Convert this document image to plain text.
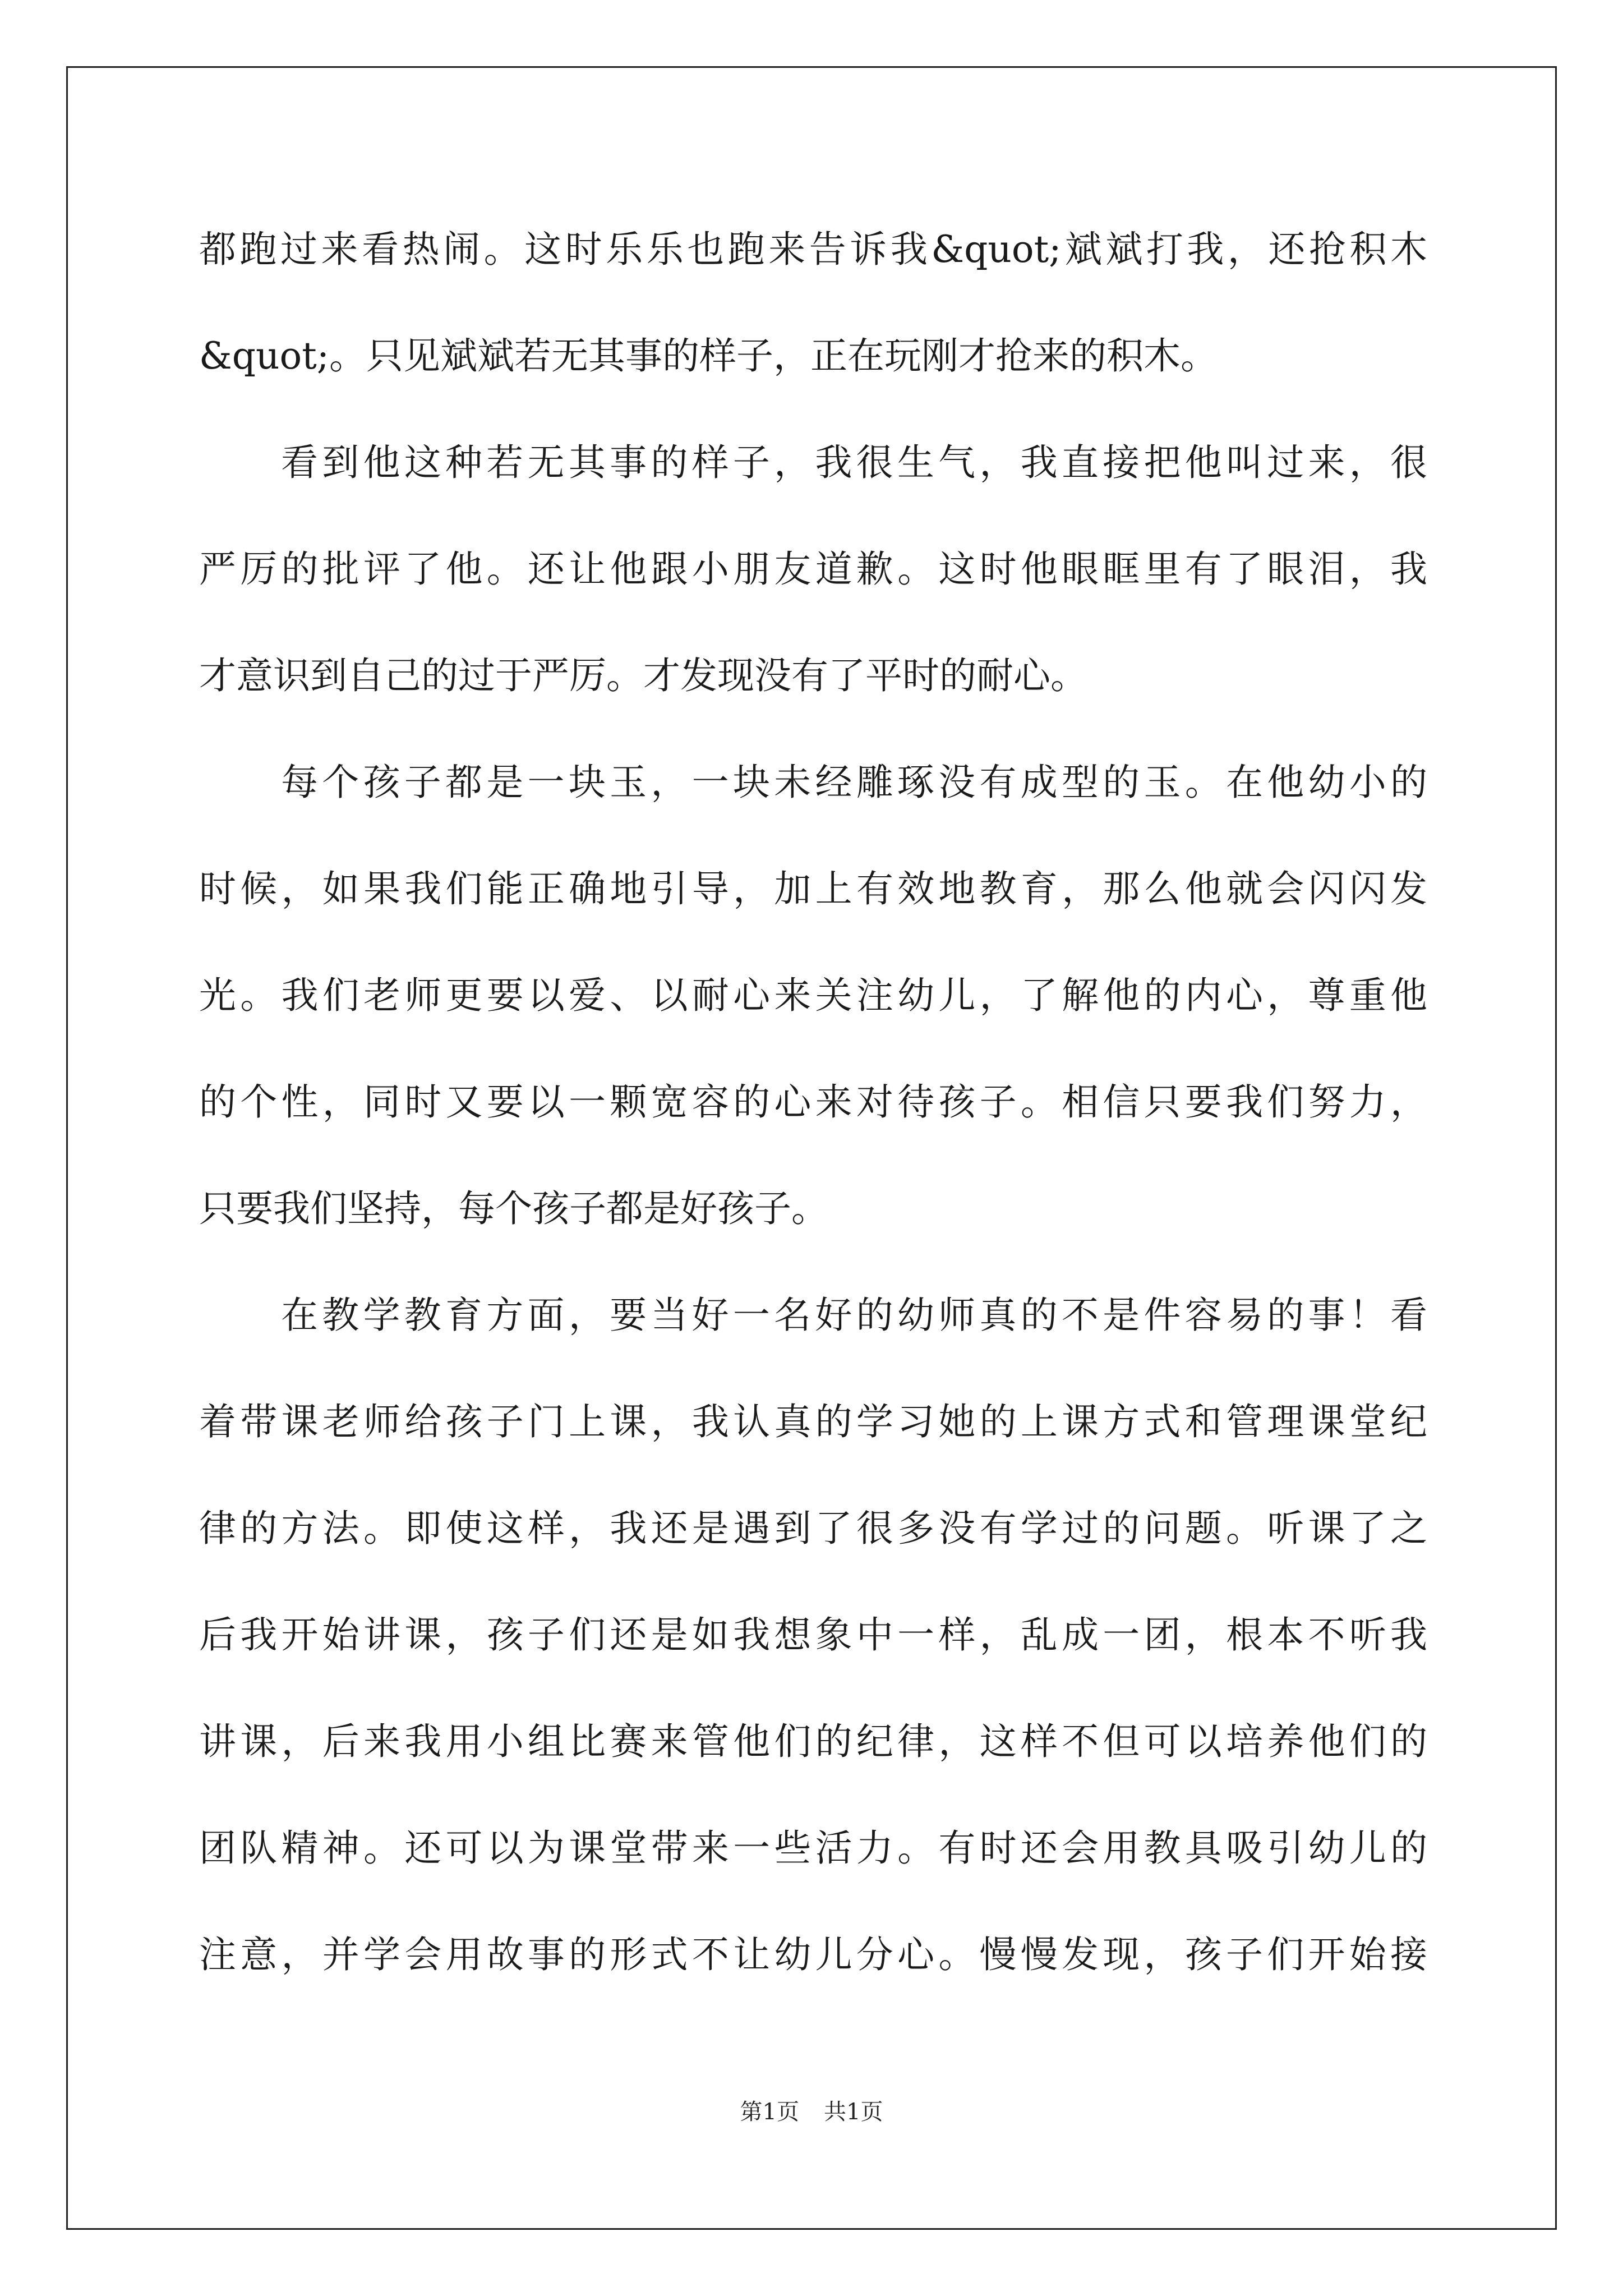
都跑过来看热闹。这时乐乐也跑来告诉我&quot;斌斌打我，还抢积木
&quot;。只见斌斌若无其事的样子，正在玩刚才抢来的积木。
看到他这种若无其事的样子，我很生气，我直接把他叫过来，很
严厉的批评了他。还让他跟小朋友道歉。这时他眼眶里有了眼泪，我
才意识到自己的过于严厉。才发现没有了平时的耐心。
每个孩子都是一块玉，一块未经雕琢没有成型的玉。在他幼小的
时候，如果我们能正确地引导，加上有效地教育，那么他就会闪闪发
光。我们老师更要以爱、以耐心来关注幼儿，了解他的内心，尊重他
的个性，同时又要以一颗宽容的心来对待孩子。相信只要我们努力，
只要我们坚持，每个孩子都是好孩子。
在教学教育方面，要当好一名好的幼师真的不是件容易的事！看
着带课老师给孩子门上课，我认真的学习她的上课方式和管理课堂纪
律的方法。即使这样，我还是遇到了很多没有学过的问题。听课了之
后我开始讲课，孩子们还是如我想象中一样，乱成一团，根本不听我
讲课，后来我用小组比赛来管他们的纪律，这样不但可以培养他们的
团队精神。还可以为课堂带来一些活力。有时还会用教具吸引幼儿的
注意，并学会用故事的形式不让幼儿分心。慢慢发现，孩子们开始接
第1页 共1页
